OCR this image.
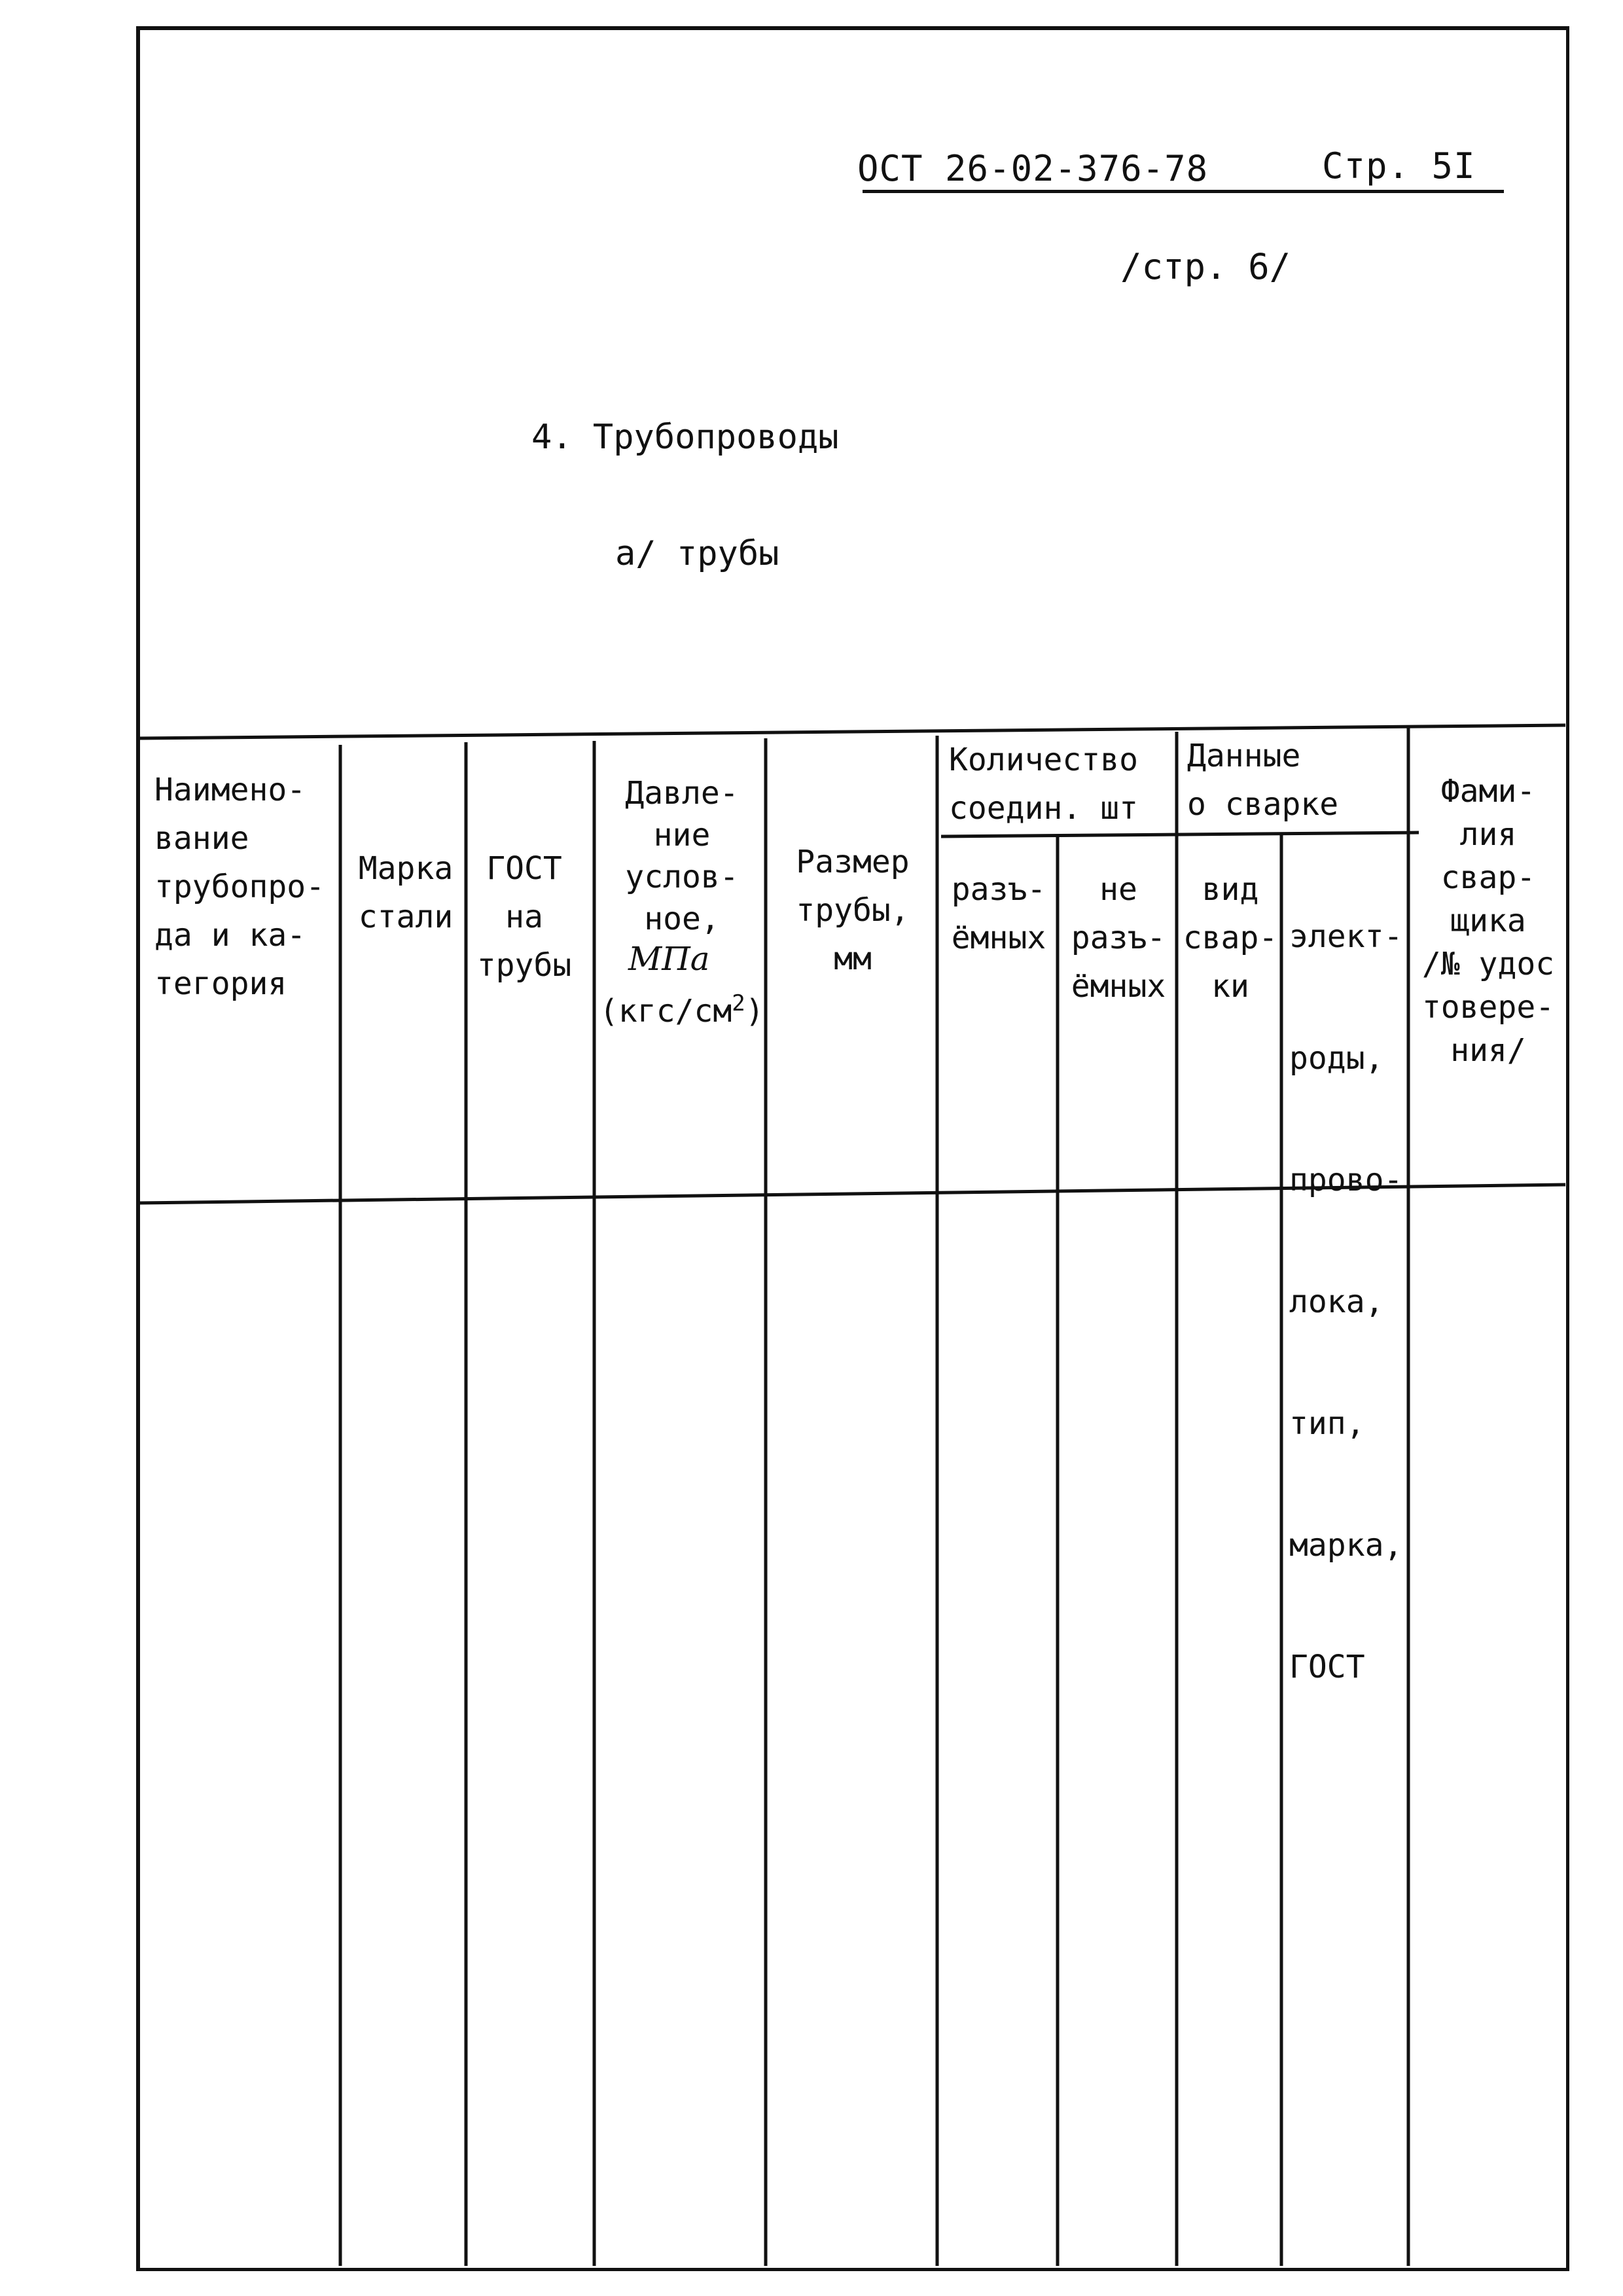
ОСТ 26-02-376-78	Стр. 5I
/стр. 6/
4. Трубопроводы
а/ трубы
Наимено-
вание
трубопро-
да и ка-
тегория
Марка
стали
ГОСТ
на
трубы
Давле-
ние
услов-
ное,
МПа
$(кгс/см^2)$
Размер
трубы,
мм
Количество
соедин. шт
разъ-
ёмных
не
разъ-
ёмных
Данные
о сварке
вид
свар-
ки

элект-

роды,

прово-

лока,

тип,

марка,

ГОСТ

Фами-
лия
свар-
щика
/№ удос
товере-
ния/
